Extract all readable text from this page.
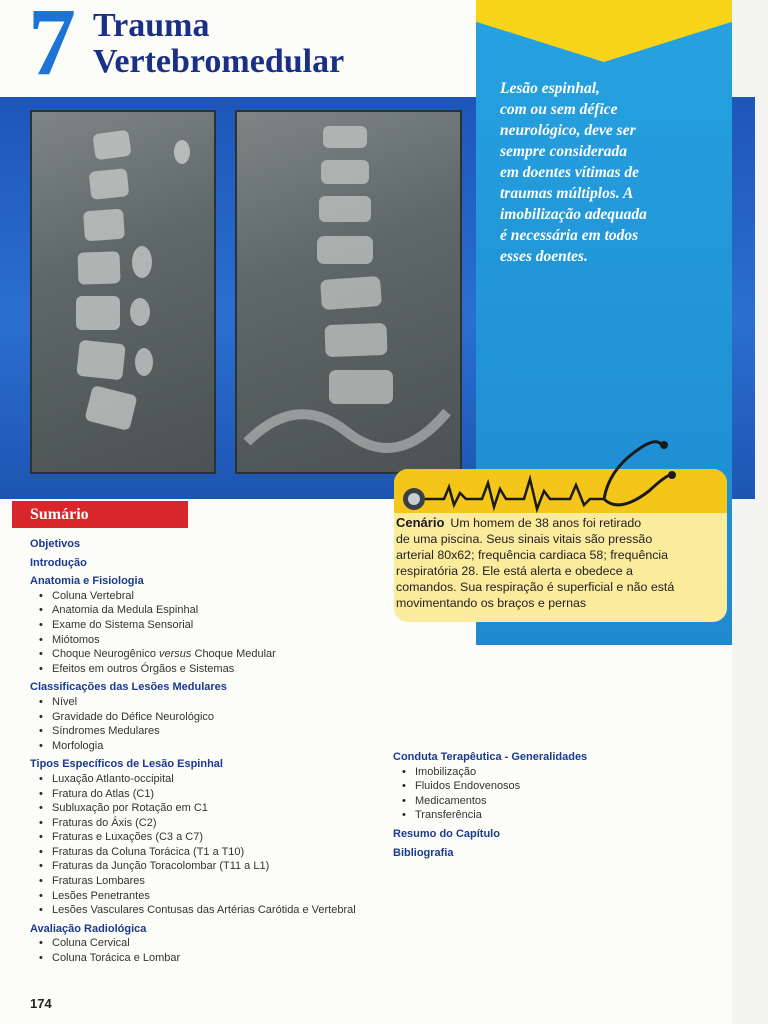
7 Trauma
Vertebromedular
Lesão espinhal,
com ou sem défice
neurológico, deve ser
sempre considerada
em doentes vítimas de
traumas múltiplos. A
imobilização adequada
é necessária em todos
esses doentes.
Cenário Um homem de 38 anos foi retirado
de uma piscina. Seus sinais vitais são pressão
arterial 80x62; frequência cardiaca 58; frequência
respiratória 28. Ele está alerta e obedece a
comandos. Sua respiração é superficial e não está
movimentando os braços e pernas
Sumário
Objetivos
Introdução
Anatomia e Fisiologia
• Coluna Vertebral
• Anatomia da Medula Espinhal
• Exame do Sistema Sensorial
• Miótomos
• Choque Neurogênico versus Choque Medular
• Efeitos em outros Órgãos e Sistemas
Classificações das Lesões Medulares
• Nível
• Gravidade do Défice Neurológico
• Síndromes Medulares
• Morfologia
Tipos Específicos de Lesão Espinhal
• Luxação Atlanto-occipital
• Fratura do Atlas (C1)
• Subluxação por Rotação em C1
• Fraturas do Áxis (C2)
• Fraturas e Luxações (C3 a C7)
• Fraturas da Coluna Torácica (T1 a T10)
• Fraturas da Junção Toracolombar (T11 a L1)
• Fraturas Lombares
• Lesões Penetrantes
• Lesões Vasculares Contusas das Artérias Carótida e Vertebral
Avaliação Radiológica
• Coluna Cervical
• Coluna Torácica e Lombar
Conduta Terapêutica - Generalidades
• Imobilização
• Fluidos Endovenosos
• Medicamentos
• Transferência
Resumo do Capítulo
Bibliografia
174
